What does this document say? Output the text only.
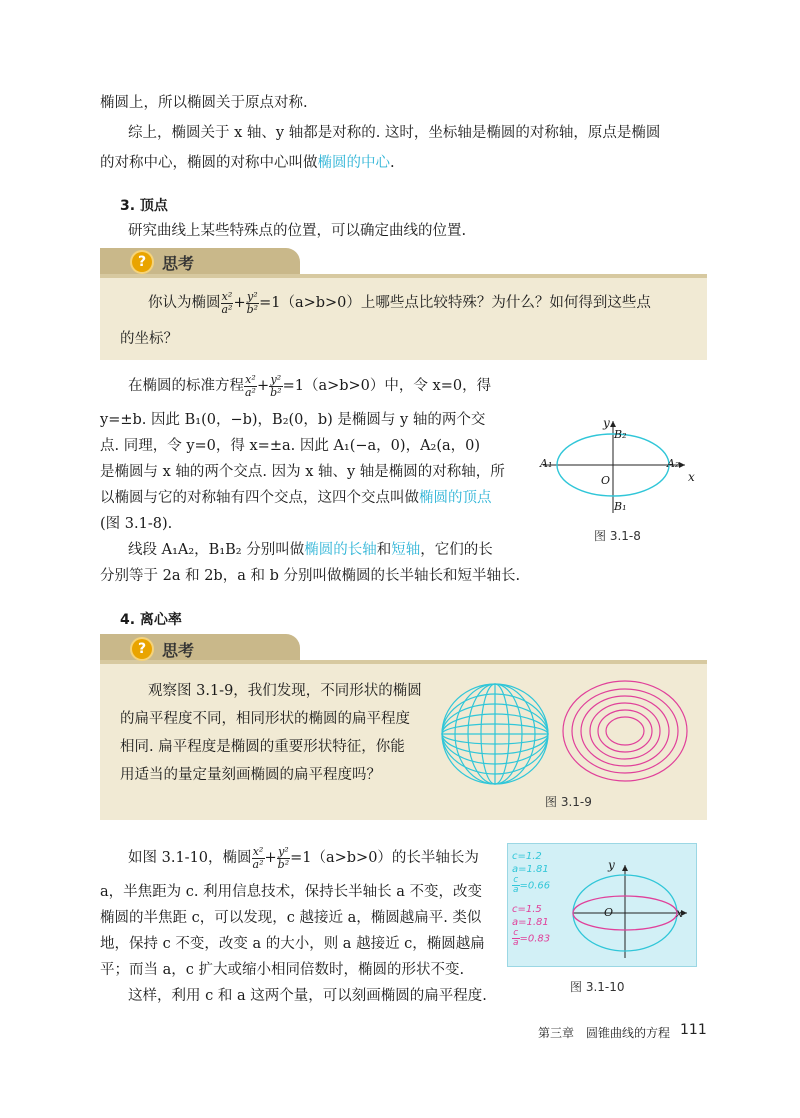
椭圆上，所以椭圆关于原点对称.
综上，椭圆关于 x 轴、y 轴都是对称的. 这时，坐标轴是椭圆的对称轴，原点是椭圆
的对称中心，椭圆的对称中心叫做椭圆的中心.
3. 顶点
研究曲线上某些特殊点的位置，可以确定曲线的位置.
? 思考
你认为椭圆 $\frac{\text{x²}}{\text{a²}} + \frac{\text{y²}}{\text{b²}} =1(a>b>0)$上哪些点比较特殊？为什么？如何得到这些点
的坐标？
在椭圆的标准方程 $\frac{\text{x²}}{\text{a²}} + \frac{\text{y²}}{\text{b²}} =1(a>b>0)$中，令 x=0，得
y=±b. 因此 B₁(0，−b)，B₂(0，b) 是椭圆与 y 轴的两个交
点. 同理，令 y=0，得 x=±a. 因此 A₁(−a，0)，A₂(a，0)
是椭圆与 x 轴的两个交点. 因为 x 轴、y 轴是椭圆的对称轴，所
以椭圆与它的对称轴有四个交点，这四个交点叫做椭圆的顶点
(图 3.1-8).
线段 A₁A₂，B₁B₂ 分别叫做椭圆的长轴和短轴，它们的长
分别等于 2a 和 2b，a 和 b 分别叫做椭圆的长半轴长和短半轴长.
y
x
O
B₂
B₁
A₁	A₂
图 3.1-8
4. 离心率
? 思考
观察图 3.1-9，我们发现，不同形状的椭圆
的扁平程度不同，相同形状的椭圆的扁平程度
相同. 扁平程度是椭圆的重要形状特征，你能
用适当的量定量刻画椭圆的扁平程度吗？
图 3.1-9
如图 3.1-10，椭圆 $\frac{\text{x²}}{\text{a²}} + \frac{\text{y²}}{\text{b²}} =1(a>b>0)$的长半轴长为
a，半焦距为 c. 利用信息技术，保持长半轴长 a 不变，改变
椭圆的半焦距 c，可以发现，c 越接近 a，椭圆越扁平. 类似
地，保持 c 不变，改变 a 的大小，则 a 越接近 c，椭圆越扁
平；而当 a，c 扩大或缩小相同倍数时，椭圆的形状不变.
这样，利用 c 和 a 这两个量，可以刻画椭圆的扁平程度.
y
x
O
c=1.2
a=1.81
$\frac{c}{a} =0.66$
c=1.5
a=1.81
$\frac{c}{a} =0.83$
图 3.1-10
第三章　圆锥曲线的方程 111
